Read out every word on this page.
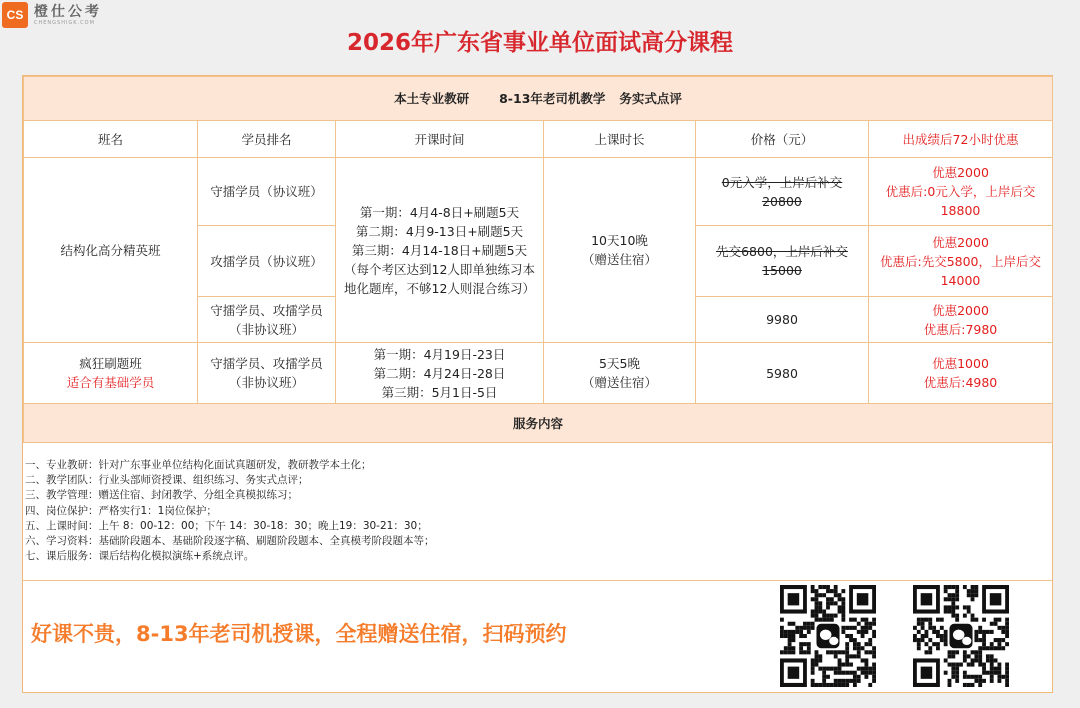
CS 橙仕公考
CHENGSHIGK.COM
2026年广东省事业单位面试高分课程
本土专业教研 8-13年老司机教学 务实式点评					
班名	学员排名	开课时间	上课时长	价格（元）	出成绩后72小时优惠
结构化高分精英班	守擂学员（协议班）	第一期：4月4-8日+刷题5天
第二期：4月9-13日+刷题5天
第三期：4月14-18日+刷题5天
（每个考区达到12人即单独练习本地化题库，不够12人则混合练习）	10天10晚
（赠送住宿）	0元入学，上岸后补交
20800	优惠2000
优惠后:0元入学，上岸后交18800

	攻擂学员（协议班）			先交6800，上岸后补交
15000	优惠2000
优惠后:先交5800，上岸后交14000

	守擂学员、攻擂学员（非协议班）			9980	优惠2000
优惠后:7980

疯狂刷题班
适合有基础学员	守擂学员、攻擂学员（非协议班）	第一期：4月19日-23日
第二期：4月24日-28日
第三期：5月1日-5日	5天5晚
（赠送住宿）	5980	优惠1000
优惠后:4980

服务内容					
一、专业教研：针对广东事业单位结构化面试真题研发，教研教学本土化；
二、教学团队：行业头部师资授课、组织练习、务实式点评；
三、教学管理：赠送住宿、封闭教学、分组全真模拟练习；
四、岗位保护：严格实行1：1岗位保护；
五、上课时间：上午 8：00-12：00；下午 14：30-18：30；晚上19：30-21：30；
六、学习资料：基础阶段题本、基础阶段逐字稿、刷题阶段题本、全真模考阶段题本等；
七、课后服务：课后结构化模拟演练+系统点评。
好课不贵，8-13年老司机授课，全程赠送住宿，扫码预约
